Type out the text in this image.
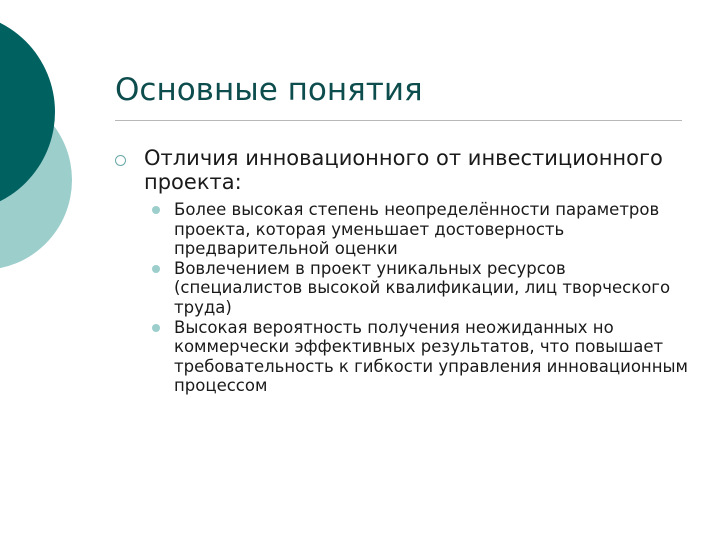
Основные понятия
Отличия инновационного от инвестиционного проекта:
Более высокая степень неопределённости параметров проекта, которая уменьшает достоверность предварительной оценки
Вовлечением в проект уникальных ресурсов (специалистов высокой квалификации, лиц творческого труда)
Высокая вероятность получения неожиданных но коммерчески эффективных результатов, что повышает требовательность к гибкости управления инновационным процессом
